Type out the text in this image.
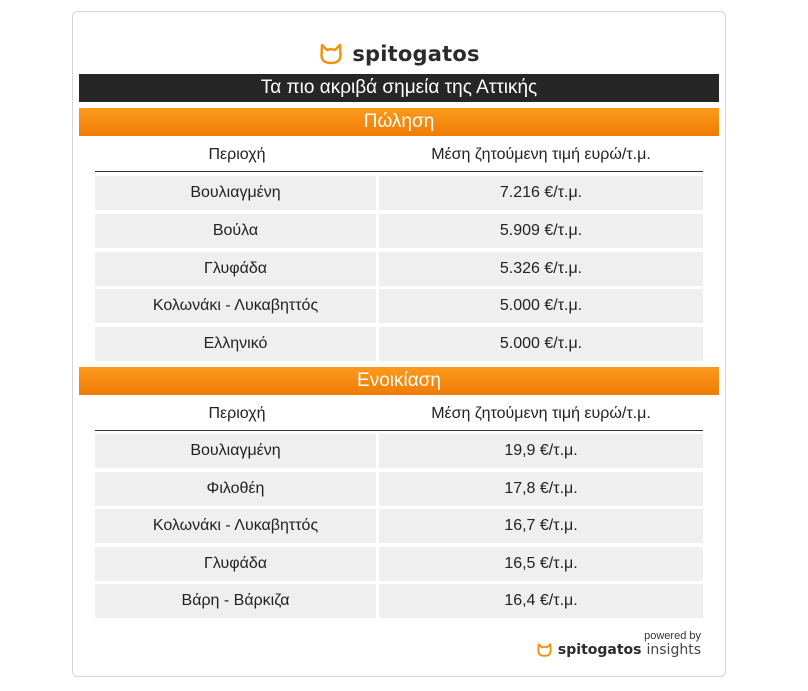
spitogatos
Τα πιο ακριβά σημεία της Αττικής
Πώληση
Περιοχή	Μέση ζητούμενη τιμή ευρώ/τ.μ.
Βουλιαγμένη	7.216 €/τ.μ.
Βούλα	5.909 €/τ.μ.
Γλυφάδα	5.326 €/τ.μ.
Κολωνάκι - Λυκαβηττός	5.000 €/τ.μ.
Ελληνικό	5.000 €/τ.μ.
Ενοικίαση
Περιοχή	Μέση ζητούμενη τιμή ευρώ/τ.μ.
Βουλιαγμένη	19,9 €/τ.μ.
Φιλοθέη	17,8 €/τ.μ.
Κολωνάκι - Λυκαβηττός	16,7 €/τ.μ.
Γλυφάδα	16,5 €/τ.μ.
Βάρη - Βάρκιζα	16,4 €/τ.μ.
powered by
spitogatos insights
